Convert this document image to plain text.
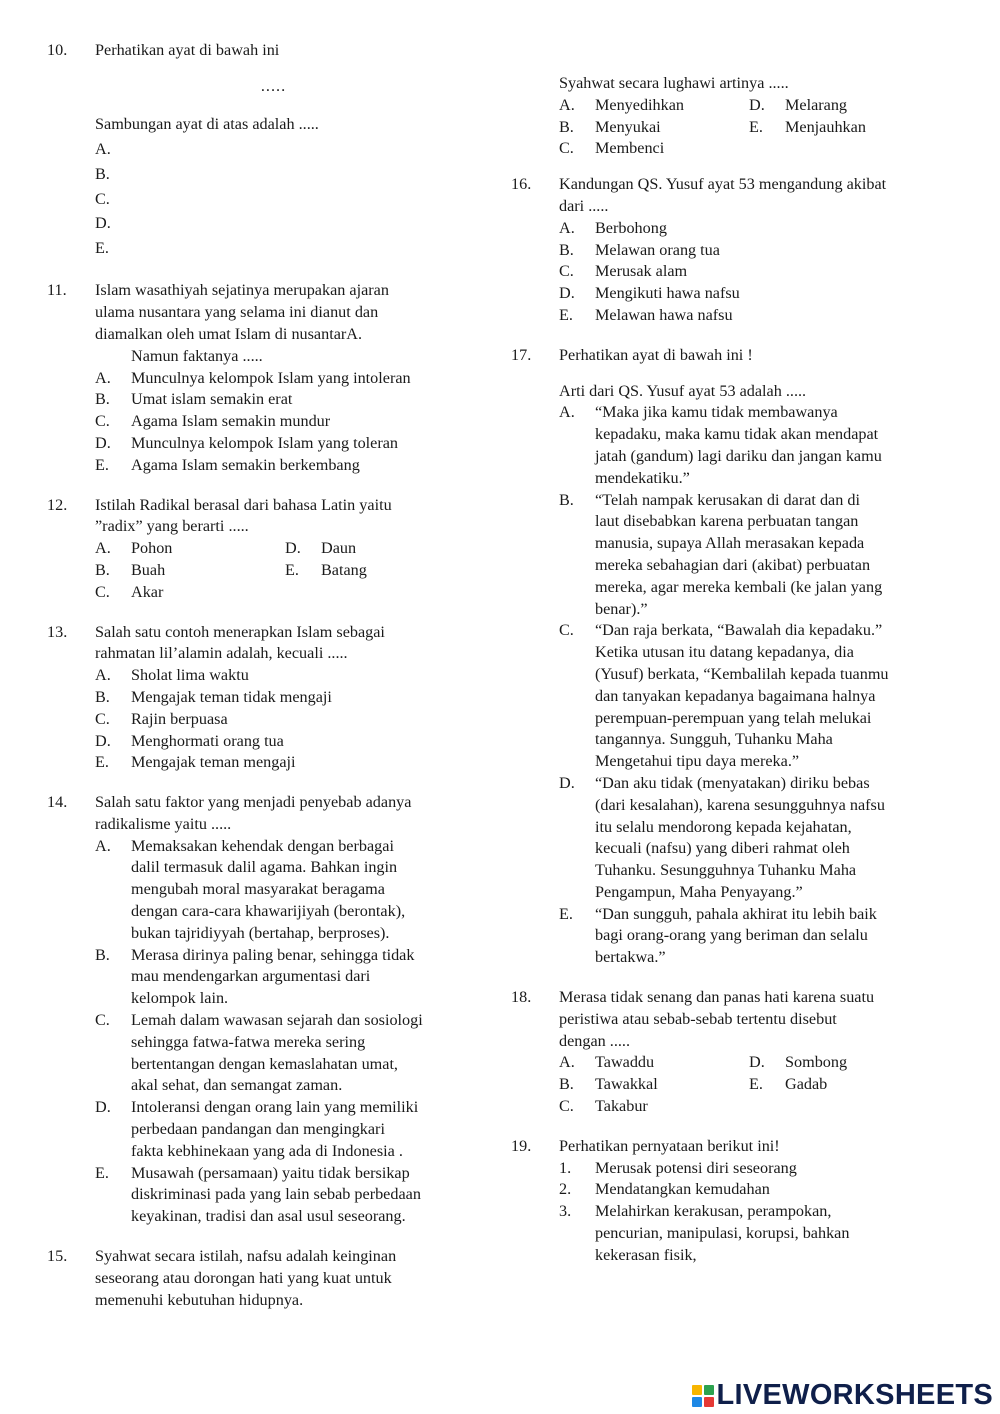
10. Perhatikan ayat di bawah ini
.....
Sambungan ayat di atas adalah .....
A.
B.
C.
D.
E.
11. Islam wasathiyah sejatinya merupakan ajaran
ulama nusantara yang selama ini dianut dan
diamalkan oleh umat Islam di nusantarA.
Namun faktanya .....
A. Munculnya kelompok Islam yang intoleran
B. Umat islam semakin erat
C. Agama Islam semakin mundur
D. Munculnya kelompok Islam yang toleran
E. Agama Islam semakin berkembang
12. Istilah Radikal berasal dari bahasa Latin yaitu
”radix” yang berarti .....
A. Pohon	D. Daun
B. Buah	E. Batang
C. Akar
13. Salah satu contoh menerapkan Islam sebagai
rahmatan lil’alamin adalah, kecuali .....
A. Sholat lima waktu
B. Mengajak teman tidak mengaji
C. Rajin berpuasa
D. Menghormati orang tua
E. Mengajak teman mengaji
14. Salah satu faktor yang menjadi penyebab adanya
radikalisme yaitu .....
A. Memaksakan kehendak dengan berbagai
dalil termasuk dalil agama. Bahkan ingin
mengubah moral masyarakat beragama
dengan cara-cara khawarijiyah (berontak),
bukan tajridiyyah (bertahap, berproses).
B. Merasa dirinya paling benar, sehingga tidak
mau mendengarkan argumentasi dari
kelompok lain.
C. Lemah dalam wawasan sejarah dan sosiologi
sehingga fatwa-fatwa mereka sering
bertentangan dengan kemaslahatan umat,
akal sehat, dan semangat zaman.
D. Intoleransi dengan orang lain yang memiliki
perbedaan pandangan dan mengingkari
fakta kebhinekaan yang ada di Indonesia .
E. Musawah (persamaan) yaitu tidak bersikap
diskriminasi pada yang lain sebab perbedaan
keyakinan, tradisi dan asal usul seseorang.
15. Syahwat secara istilah, nafsu adalah keinginan
seseorang atau dorongan hati yang kuat untuk
memenuhi kebutuhan hidupnya.
Syahwat secara lughawi artinya .....
A. Menyedihkan	D. Melarang
B. Menyukai	E. Menjauhkan
C. Membenci
16. Kandungan QS. Yusuf ayat 53 mengandung akibat
dari .....
A. Berbohong
B. Melawan orang tua
C. Merusak alam
D. Mengikuti hawa nafsu
E. Melawan hawa nafsu
17. Perhatikan ayat di bawah ini !
Arti dari QS. Yusuf ayat 53 adalah .....
A. “Maka jika kamu tidak membawanya
kepadaku, maka kamu tidak akan mendapat
jatah (gandum) lagi dariku dan jangan kamu
mendekatiku.”
B. “Telah nampak kerusakan di darat dan di
laut disebabkan karena perbuatan tangan
manusia, supaya Allah merasakan kepada
mereka sebahagian dari (akibat) perbuatan
mereka, agar mereka kembali (ke jalan yang
benar).”
C. “Dan raja berkata, “Bawalah dia kepadaku.”
Ketika utusan itu datang kepadanya, dia
(Yusuf) berkata, “Kembalilah kepada tuanmu
dan tanyakan kepadanya bagaimana halnya
perempuan-perempuan yang telah melukai
tangannya. Sungguh, Tuhanku Maha
Mengetahui tipu daya mereka.”
D. “Dan aku tidak (menyatakan) diriku bebas
(dari kesalahan), karena sesungguhnya nafsu
itu selalu mendorong kepada kejahatan,
kecuali (nafsu) yang diberi rahmat oleh
Tuhanku. Sesungguhnya Tuhanku Maha
Pengampun, Maha Penyayang.”
E. “Dan sungguh, pahala akhirat itu lebih baik
bagi orang-orang yang beriman dan selalu
bertakwa.”
18. Merasa tidak senang dan panas hati karena suatu
peristiwa atau sebab-sebab tertentu disebut
dengan .....
A. Tawaddu	D. Sombong
B. Tawakkal	E. Gadab
C. Takabur
19. Perhatikan pernyataan berikut ini!
1. Merusak potensi diri seseorang
2. Mendatangkan kemudahan
3. Melahirkan kerakusan, perampokan,
pencurian, manipulasi, korupsi, bahkan
kekerasan fisik,
LIVEWORKSHEETS
